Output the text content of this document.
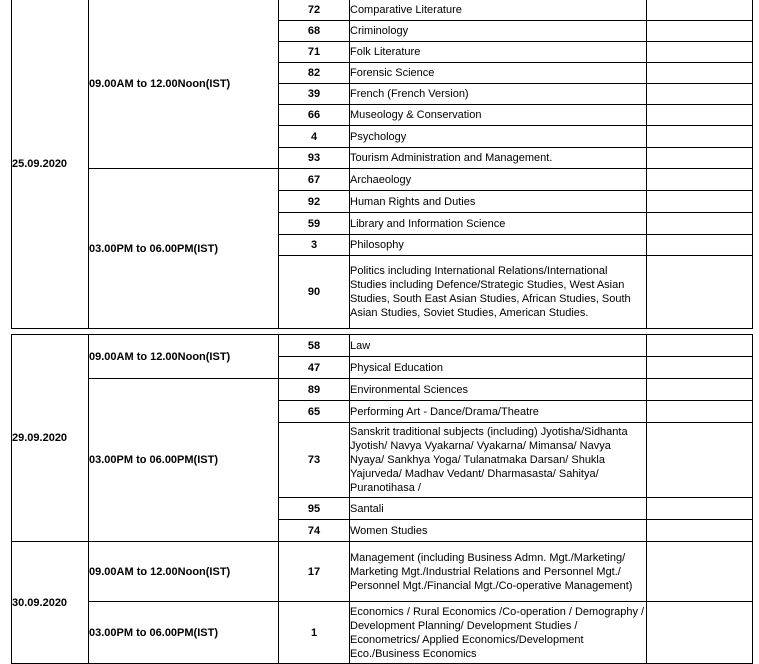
25.09.2020	09.00AM to 12.00Noon(IST)	72	Comparative Literature	
		68	Criminology	
		71	Folk Literature	
		82	Forensic Science	
		39	French (French Version)	
		66	Museology & Conservation	
		4	Psychology	
		93	Tourism Administration and Management.	
	03.00PM to 06.00PM(IST)	67	Archaeology	
		92	Human Rights and Duties	
		59	Library and Information Science	
		3	Philosophy	
		90	Politics including International Relations/International Studies including Defence/Strategic Studies, West Asian Studies, South East Asian Studies, African Studies, South Asian Studies, Soviet Studies, American Studies.	
29.09.2020	09.00AM to 12.00Noon(IST)	58	Law	
		47	Physical Education	
	03.00PM to 06.00PM(IST)	89	Environmental Sciences	
		65	Performing Art - Dance/Drama/Theatre	
		73	Sanskrit traditional subjects (including) Jyotisha/Sidhanta Jyotish/ Navya Vyakarna/ Vyakarna/ Mimansa/ Navya Nyaya/ Sankhya Yoga/ Tulanatmaka Darsan/ Shukla Yajurveda/ Madhav Vedant/ Dharmasasta/ Sahitya/ Puranotihasa /	
		95	Santali	
		74	Women Studies	
30.09.2020	09.00AM to 12.00Noon(IST)	17	Management (including Business Admn. Mgt./Marketing/ Marketing Mgt./Industrial Relations and Personnel Mgt./ Personnel Mgt./Financial Mgt./Co-operative Management)	
	03.00PM to 06.00PM(IST)	1	Economics / Rural Economics /Co-operation / Demography / Development Planning/ Development Studies / Econometrics/ Applied Economics/Development Eco./Business Economics	
